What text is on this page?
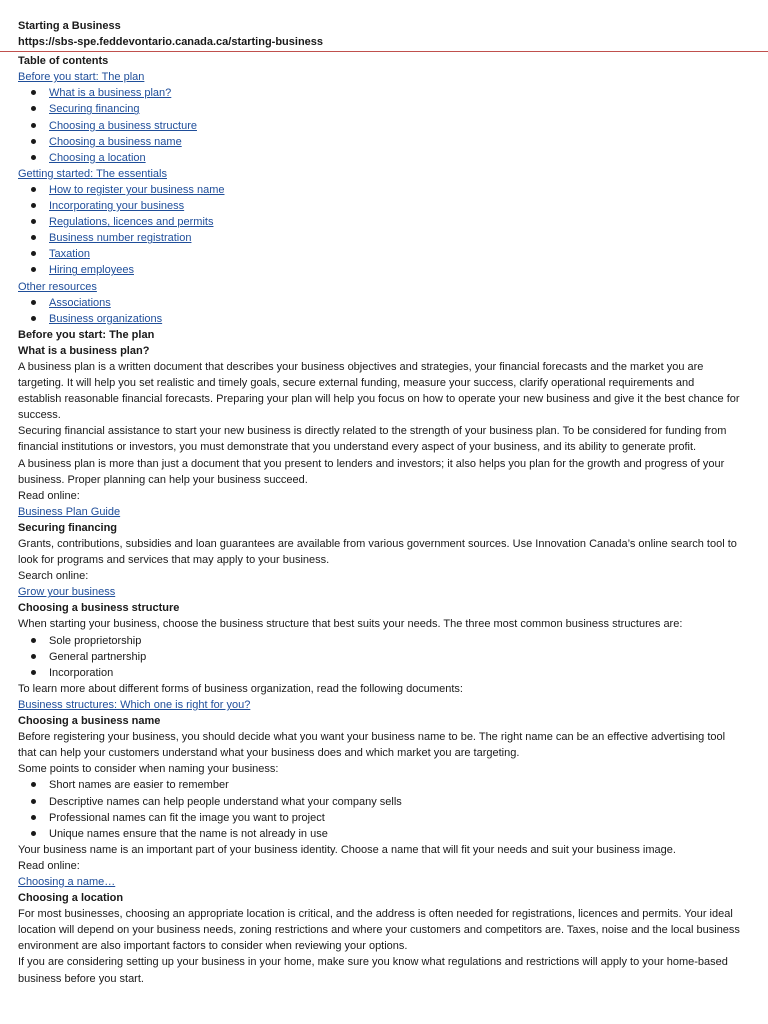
Starting a Business

https://sbs-spe.feddevontario.canada.ca/starting-business

Table of contents

Before you start: The plan

What is a business plan?
Securing financing
Choosing a business structure
Choosing a business name
Choosing a location

Getting started: The essentials

How to register your business name
Incorporating your business
Regulations, licences and permits
Business number registration
Taxation
Hiring employees

Other resources

Associations
Business organizations

Before you start: The plan

What is a business plan?

A business plan is a written document that describes your business objectives and strategies, your financial forecasts and the market you are targeting. It will help you set realistic and timely goals, secure external funding, measure your success, clarify operational requirements and establish reasonable financial forecasts. Preparing your plan will help you focus on how to operate your new business and give it the best chance for success.

Securing financial assistance to start your new business is directly related to the strength of your business plan. To be considered for funding from financial institutions or investors, you must demonstrate that you understand every aspect of your business, and its ability to generate profit.

A business plan is more than just a document that you present to lenders and investors; it also helps you plan for the growth and progress of your business. Proper planning can help your business succeed.

Read online:

Business Plan Guide

Securing financing

Grants, contributions, subsidies and loan guarantees are available from various government sources. Use Innovation Canada’s online search tool to look for programs and services that may apply to your business.

Search online:

Grow your business

Choosing a business structure

When starting your business, choose the business structure that best suits your needs. The three most common business structures are:

Sole proprietorship
General partnership
Incorporation

To learn more about different forms of business organization, read the following documents:

Business structures: Which one is right for you?

Choosing a business name

Before registering your business, you should decide what you want your business name to be. The right name can be an effective advertising tool that can help your customers understand what your business does and which market you are targeting.

Some points to consider when naming your business:

Short names are easier to remember
Descriptive names can help people understand what your company sells
Professional names can fit the image you want to project
Unique names ensure that the name is not already in use

Your business name is an important part of your business identity. Choose a name that will fit your needs and suit your business image.

Read online:

Choosing a name…

Choosing a location

For most businesses, choosing an appropriate location is critical, and the address is often needed for registrations, licences and permits. Your ideal location will depend on your business needs, zoning restrictions and where your customers and competitors are. Taxes, noise and the local business environment are also important factors to consider when reviewing your options.

If you are considering setting up your business in your home, make sure you know what regulations and restrictions will apply to your home-based business before you start.
